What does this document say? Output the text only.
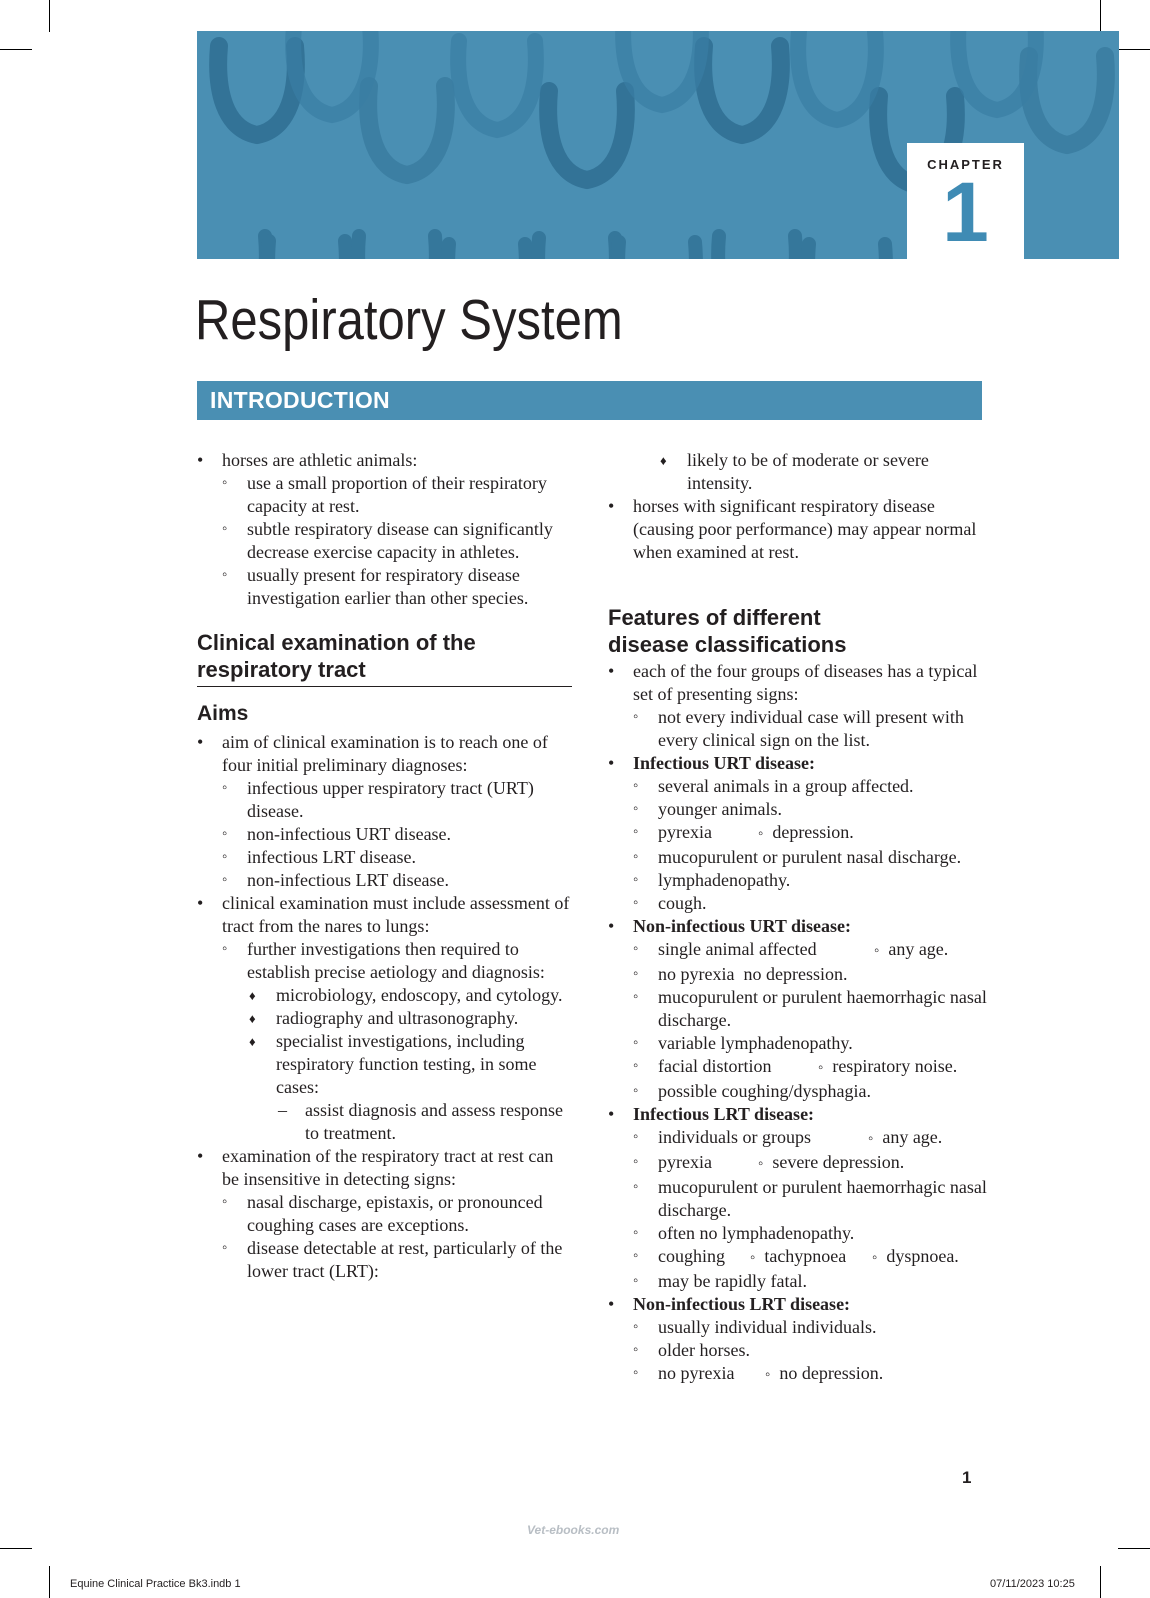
CHAPTER
1
Respiratory System
INTRODUCTION
• horses are athletic animals:
◦ use a small proportion of their respiratory capacity at rest.
◦ subtle respiratory disease can significantly decrease exercise capacity in athletes.
◦ usually present for respiratory disease investigation earlier than other species.
Clinical examination of the respiratory tract
Aims
• aim of clinical examination is to reach one of four initial preliminary diagnoses:
◦ infectious upper respiratory tract (URT) disease.
◦ non-infectious URT disease.
◦ infectious LRT disease.
◦ non-infectious LRT disease.
• clinical examination must include assessment of tract from the nares to lungs:
◦ further investigations then required to establish precise aetiology and diagnosis:
♦ microbiology, endoscopy, and cytology.
♦ radiography and ultrasonography.
♦ specialist investigations, including respiratory function testing, in some cases:
– assist diagnosis and assess response to treatment.
• examination of the respiratory tract at rest can be insensitive in detecting signs:
◦ nasal discharge, epistaxis, or pronounced coughing cases are exceptions.
◦ disease detectable at rest, particularly of the lower tract (LRT):
♦ likely to be of moderate or severe intensity.
• horses with significant respiratory disease (causing poor performance) may appear normal when examined at rest.
Features of different disease classifications
• each of the four groups of diseases has a typical set of presenting signs:
◦ not every individual case will present with every clinical sign on the list.
• Infectious URT disease:
◦ several animals in a group affected.
◦ younger animals.
◦ pyrexia	◦ depression.
◦ mucopurulent or purulent nasal discharge.
◦ lymphadenopathy.
◦ cough.
• Non-infectious URT disease:
◦ single animal affected	◦ any age.
◦ no pyrexia  no depression.
◦ mucopurulent or purulent haemorrhagic nasal discharge.
◦ variable lymphadenopathy.
◦ facial distortion	◦ respiratory noise.
◦ possible coughing/dysphagia.
• Infectious LRT disease:
◦ individuals or groups	◦ any age.
◦ pyrexia	◦ severe depression.
◦ mucopurulent or purulent haemorrhagic nasal discharge.
◦ often no lymphadenopathy.
◦ coughing ◦ tachypnoea ◦ dyspnoea.
◦ may be rapidly fatal.
• Non-infectious LRT disease:
◦ usually individual individuals.
◦ older horses.
◦ no pyrexia ◦ no depression.
1
Vet-ebooks.com
Equine Clinical Practice Bk3.indb 1	07/11/2023 10:25
